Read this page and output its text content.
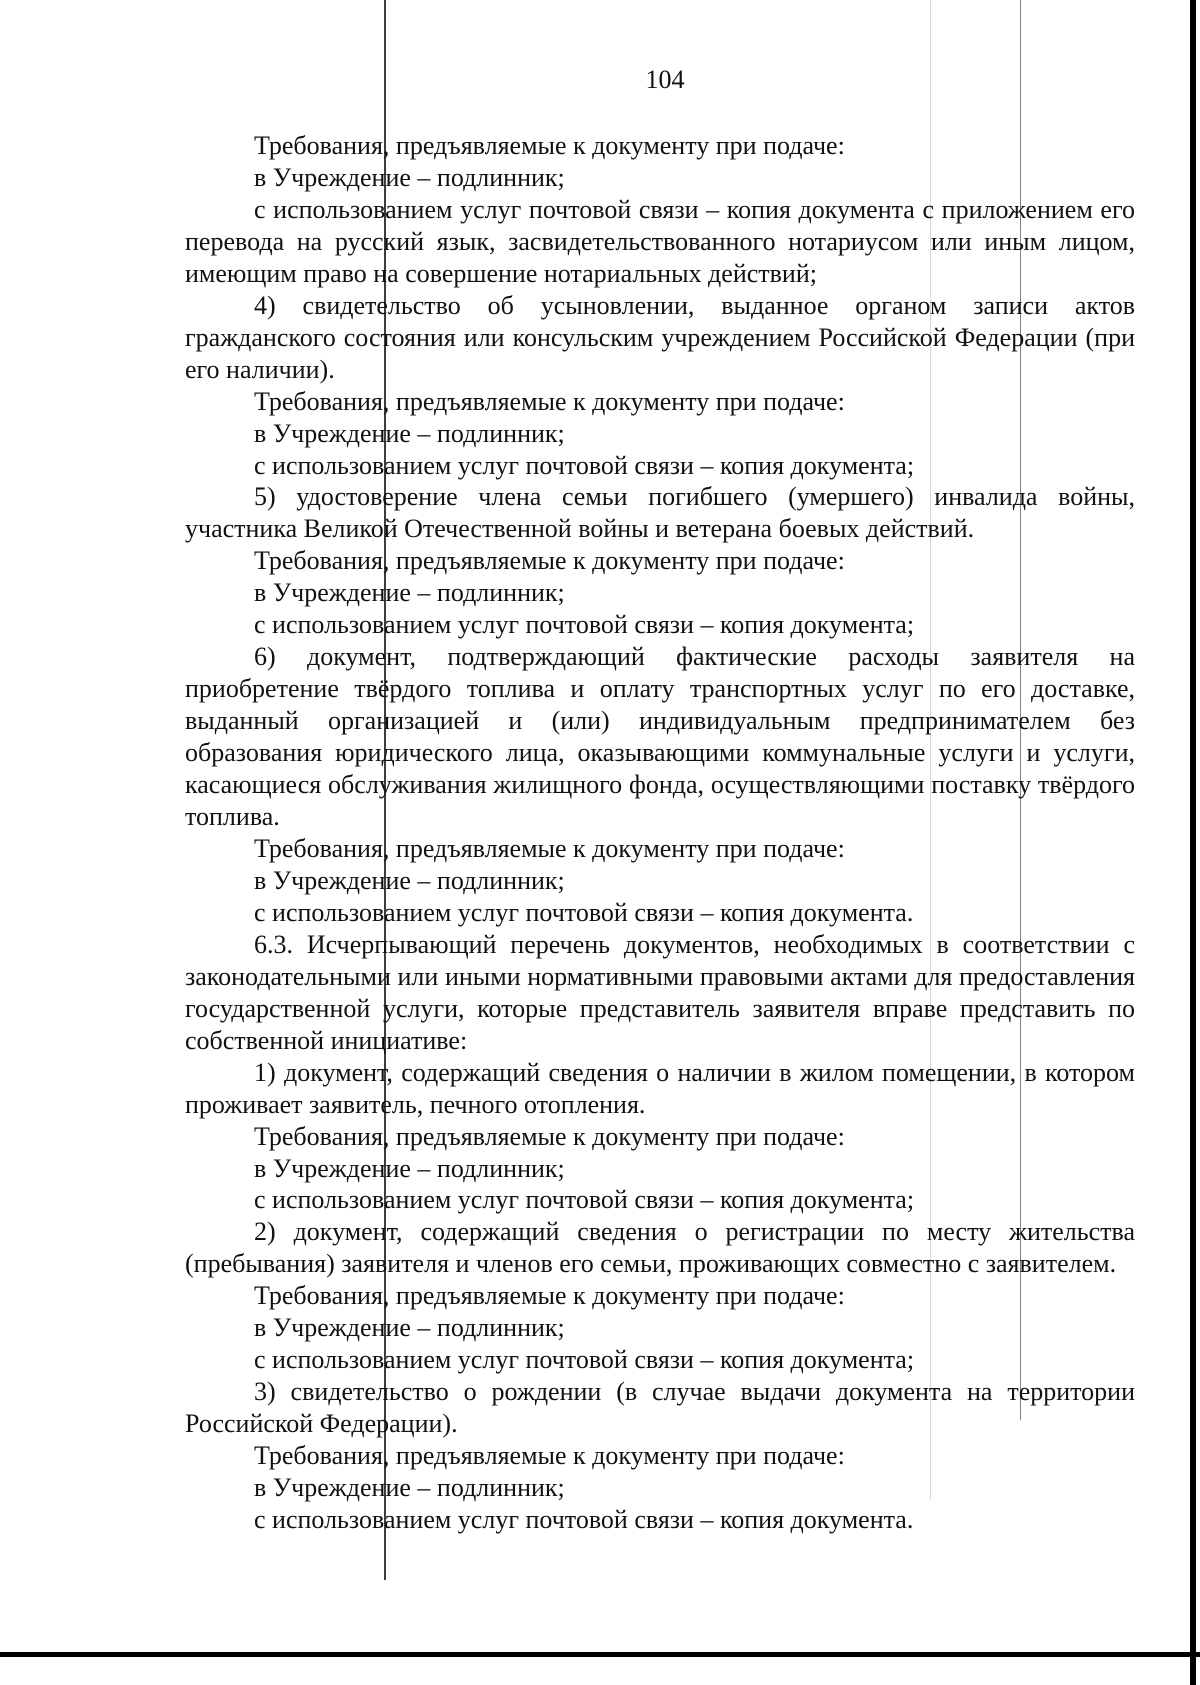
104

Требования, предъявляемые к документу при подаче:

в Учреждение – подлинник;

с использованием услуг почтовой связи – копия документа с приложением его перевода на русский язык, засвидетельствованного нотариусом или иным лицом, имеющим право на совершение нотариальных действий;

4) свидетельство об усыновлении, выданное органом записи актов гражданского состояния или консульским учреждением Российской Федерации (при его наличии).

Требования, предъявляемые к документу при подаче:

в Учреждение – подлинник;

с использованием услуг почтовой связи – копия документа;

5) удостоверение члена семьи погибшего (умершего) инвалида войны, участника Великой Отечественной войны и ветерана боевых действий.

Требования, предъявляемые к документу при подаче:

в Учреждение – подлинник;

с использованием услуг почтовой связи – копия документа;

6) документ, подтверждающий фактические расходы заявителя на приобретение твёрдого топлива и оплату транспортных услуг по его доставке, выданный организацией и (или) индивидуальным предпринимателем без образования юридического лица, оказывающими коммунальные услуги и услуги, касающиеся обслуживания жилищного фонда, осуществляющими поставку твёрдого топлива.

Требования, предъявляемые к документу при подаче:

в Учреждение – подлинник;

с использованием услуг почтовой связи – копия документа.

6.3. Исчерпывающий перечень документов, необходимых в соответствии с законодательными или иными нормативными правовыми актами для предоставления государственной услуги, которые представитель заявителя вправе представить по собственной инициативе:

1) документ, содержащий сведения о наличии в жилом помещении, в котором проживает заявитель, печного отопления.

Требования, предъявляемые к документу при подаче:

в Учреждение – подлинник;

с использованием услуг почтовой связи – копия документа;

2) документ, содержащий сведения о регистрации по месту жительства (пребывания) заявителя и членов его семьи, проживающих совместно с заявителем.

Требования, предъявляемые к документу при подаче:

в Учреждение – подлинник;

с использованием услуг почтовой связи – копия документа;

3) свидетельство о рождении (в случае выдачи документа на территории Российской Федерации).

Требования, предъявляемые к документу при подаче:

в Учреждение – подлинник;

с использованием услуг почтовой связи – копия документа.
